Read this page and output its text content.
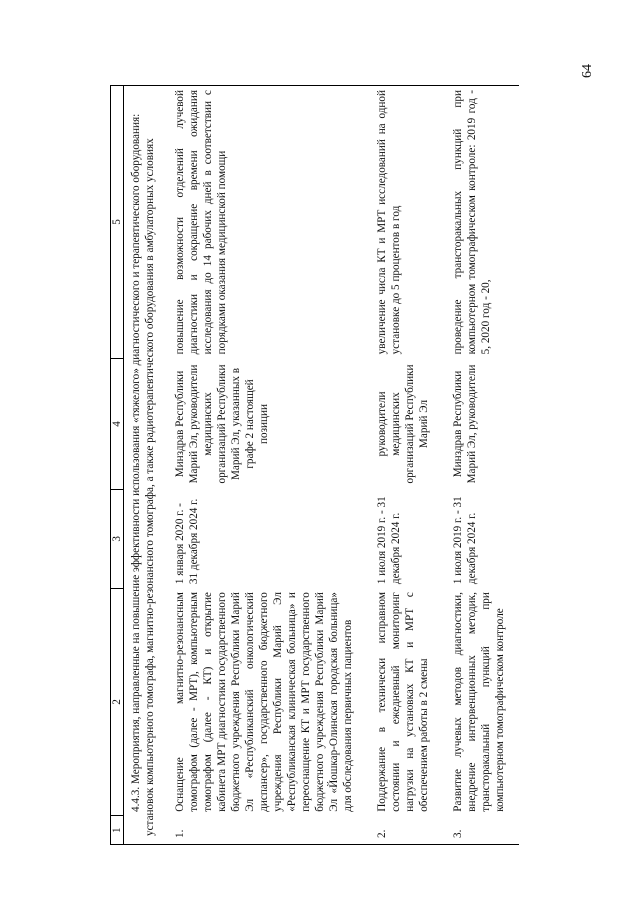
64
1	2	3	4	5
4.4.3. Мероприятия, направленные на повышение эффективности использования «тяжелого» диагностического и терапевтического оборудования: установок компьютерного томографа, магнитно-резонансного томографа, а также радиотерапевтического оборудования в амбулаторных условиях				
1.	Оснащение магнитно-резонансным томографом (далее - МРТ), компьютерным томографом (далее - КТ) и открытие кабинета МРТ диагностики государственного бюджетного учреждения Республики Марий Эл «Республиканский онкологический диспансер», государственного бюджетного учреждения Республики Марий Эл «Республиканская клиническая больница» и переоснащение КТ и МРТ государственного бюджетного учреждения Республики Марий Эл «Йошкар-Олинская городская больница» для обследования первичных пациентов	1 января 2020 г. - 31 декабря 2024 г.	Минздрав Республики Марий Эл, руководители медицинских организаций Республики Марий Эл, указанных в графе 2 настоящей позиции	повышение возможности отделений лучевой диагностики и сокращение времени ожидания исследования до 14 рабочих дней в соответствии с порядками оказания медицинской помощи
2.	Поддержание в технически исправном состоянии и ежедневный мониторинг нагрузки на установках КТ и МРТ с обеспечением работы в 2 смены	1 июля 2019 г. - 31 декабря 2024 г.	руководители медицинских организаций Республики Марий Эл	увеличение числа КТ и МРТ исследований на одной установке до 5 процентов в год
3.	Развитие лучевых методов диагностики, внедрение интервенционных методик, трансторакальный пункций при компьютерном томографическом контроле	1 июля 2019 г. - 31 декабря 2024 г.	Минздрав Республики Марий Эл, руководители	проведение трансторакальных пункций при компьютерном томографическом контроле: 2019 год - 5, 2020 год - 20,
